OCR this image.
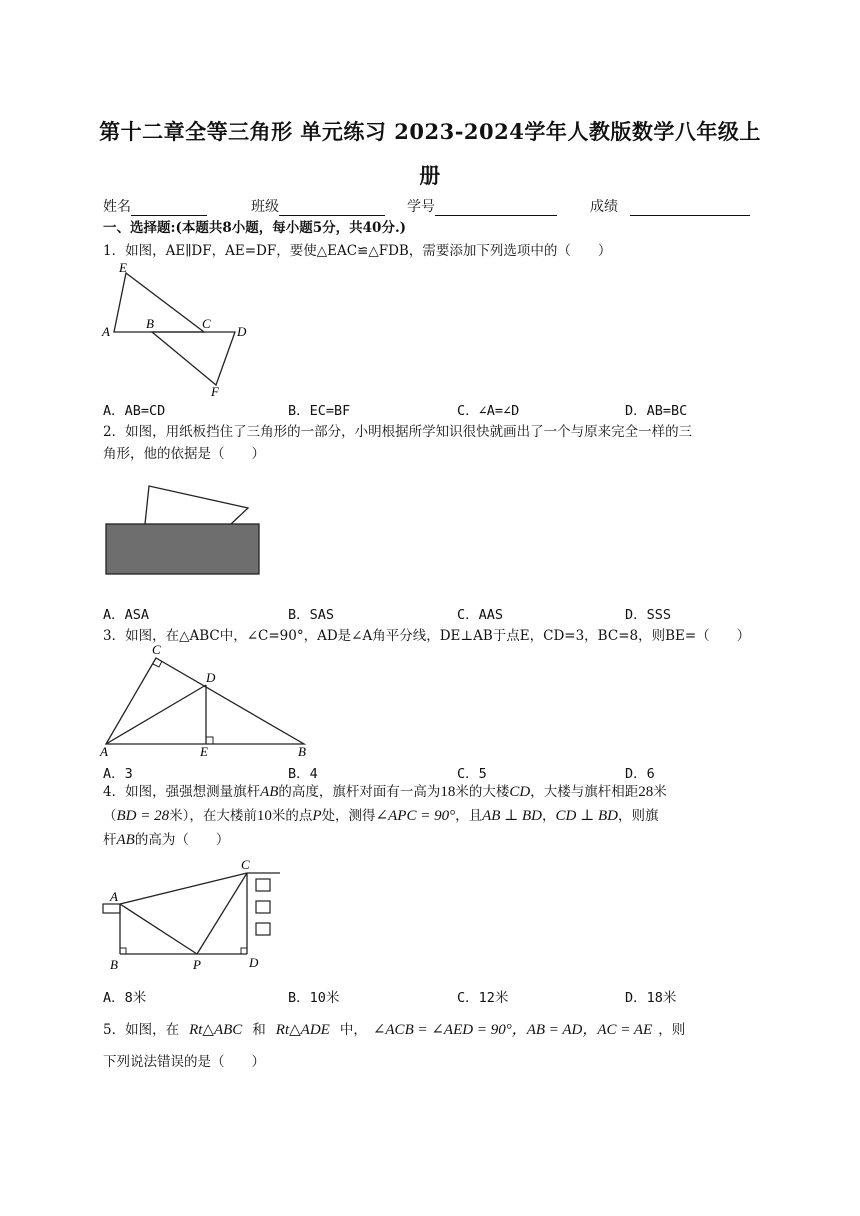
第十二章全等三角形 单元练习 2023-2024学年人教版数学八年级上
册
姓名	班级	学号	成绩
一、选择题:(本题共8小题，每小题5分，共40分.)
1．如图，AE∥DF，AE=DF，要使△EAC≌△FDB，需要添加下列选项中的（　　）
E
A
B	C
D
F
A．AB=CD	B．EC=BF	C．∠A=∠D	D．AB=BC
2．如图，用纸板挡住了三角形的一部分，小明根据所学知识很快就画出了一个与原来完全一样的三
角形，他的依据是（　　）
A．ASA	B．SAS	C．AAS	D．SSS
3．如图，在△ABC中，∠C=90°，AD是∠A角平分线，DE⊥AB于点E，CD=3，BC=8，则BE=（　　）
C
D
A	E	B
A．3	B．4	C．5	D．6
4．如图，强强想测量旗杆AB的高度，旗杆对面有一高为18米的大楼CD，大楼与旗杆相距28米
（BD = 28米），在大楼前10米的点P处，测得∠APC = 90°，且AB ⊥ BD，CD ⊥ BD，则旗
杆AB的高为（　　）
A
C
B	P	D
A．8米	B．10米	C．12米	D．18米
5．如图，在 Rt△ABC 和 Rt△ADE 中， ∠ACB = ∠AED = 90°，AB = AD，AC = AE ，则
下列说法错误的是（　　）
